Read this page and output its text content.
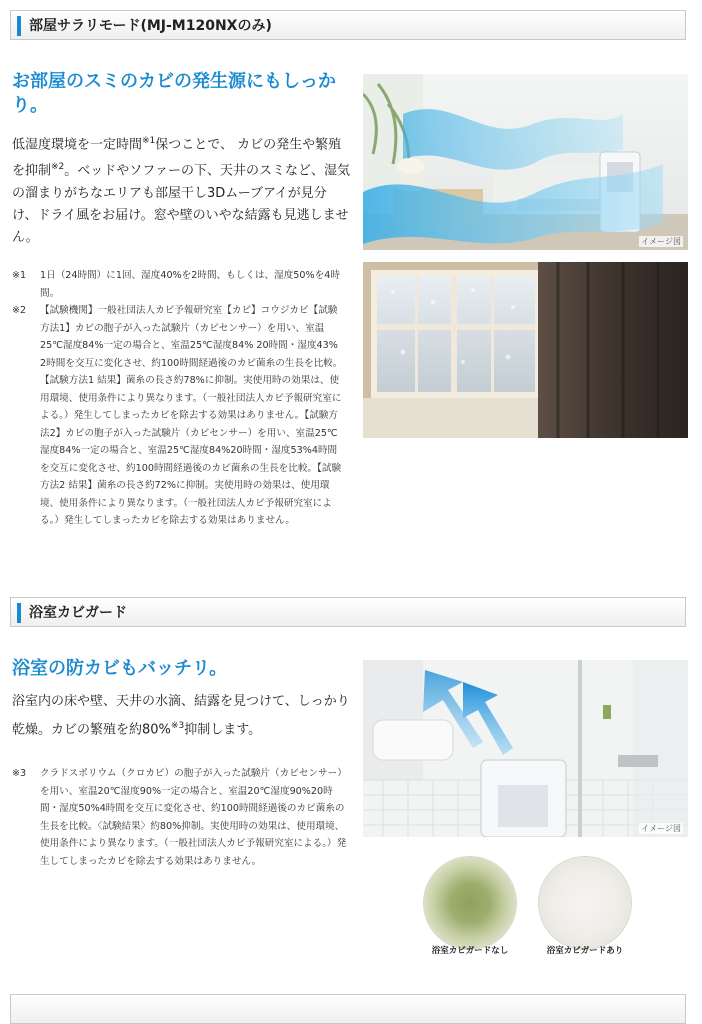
部屋サラリモード(MJ-M120NXのみ)

お部屋のスミのカビの発生源にもしっかり。

低湿度環境を一定時間$^{※1}$保つことで、 カビの発生や繁殖を抑制$^{※2}$。ベッドやソファーの下、天井のスミなど、湿気の溜まりがちなエリアも部屋干し3Dムーブアイが見分け、ドライ風をお届け。窓や壁のいやな結露も見逃しません。

※1 1日（24時間）に1回、湿度40%を2時間、もしくは、湿度50%を4時間。
※2 【試験機関】一般社団法人カビ予報研究室【カビ】コウジカビ【試験方法1】カビの胞子が入った試験片（カビセンサー）を用い、室温25℃湿度84%一定の場合と、室温25℃湿度84% 20時間・湿度43% 2時間を交互に変化させ、約100時間経過後のカビ菌糸の生長を比較。【試験方法1 結果】菌糸の長さ約78%に抑制。実使用時の効果は、使用環境、使用条件により異なります。（一般社団法人カビ予報研究室による。）発生してしまったカビを除去する効果はありません。【試験方法2】カビの胞子が入った試験片（カビセンサー）を用い、室温25℃湿度84%一定の場合と、室温25℃湿度84%20時間・湿度53%4時間を交互に変化させ、約100時間経過後のカビ菌糸の生長を比較。【試験方法2 結果】菌糸の長さ約72%に抑制。実使用時の効果は、使用環境、使用条件により異なります。（一般社団法人カビ予報研究室による。）発生してしまったカビを除去する効果はありません。
イメージ図
浴室カビガード

浴室の防カビもバッチリ。

浴室内の床や壁、天井の水滴、結露を見つけて、しっかり乾燥。カビの繁殖を約80%$^{※3}$抑制します。

※3 クラドスポリウム（クロカビ）の胞子が入った試験片（カビセンサー）を用い、室温20℃湿度90%一定の場合と、室温20℃湿度90%20時間・湿度50%4時間を交互に変化させ、約100時間経過後のカビ菌糸の生長を比較。〈試験結果〉約80%抑制。実使用時の効果は、使用環境、使用条件により異なります。（一般社団法人カビ予報研究室による。）発生してしまったカビを除去する効果はありません。
イメージ図
浴室カビガードなし	浴室カビガードあり
